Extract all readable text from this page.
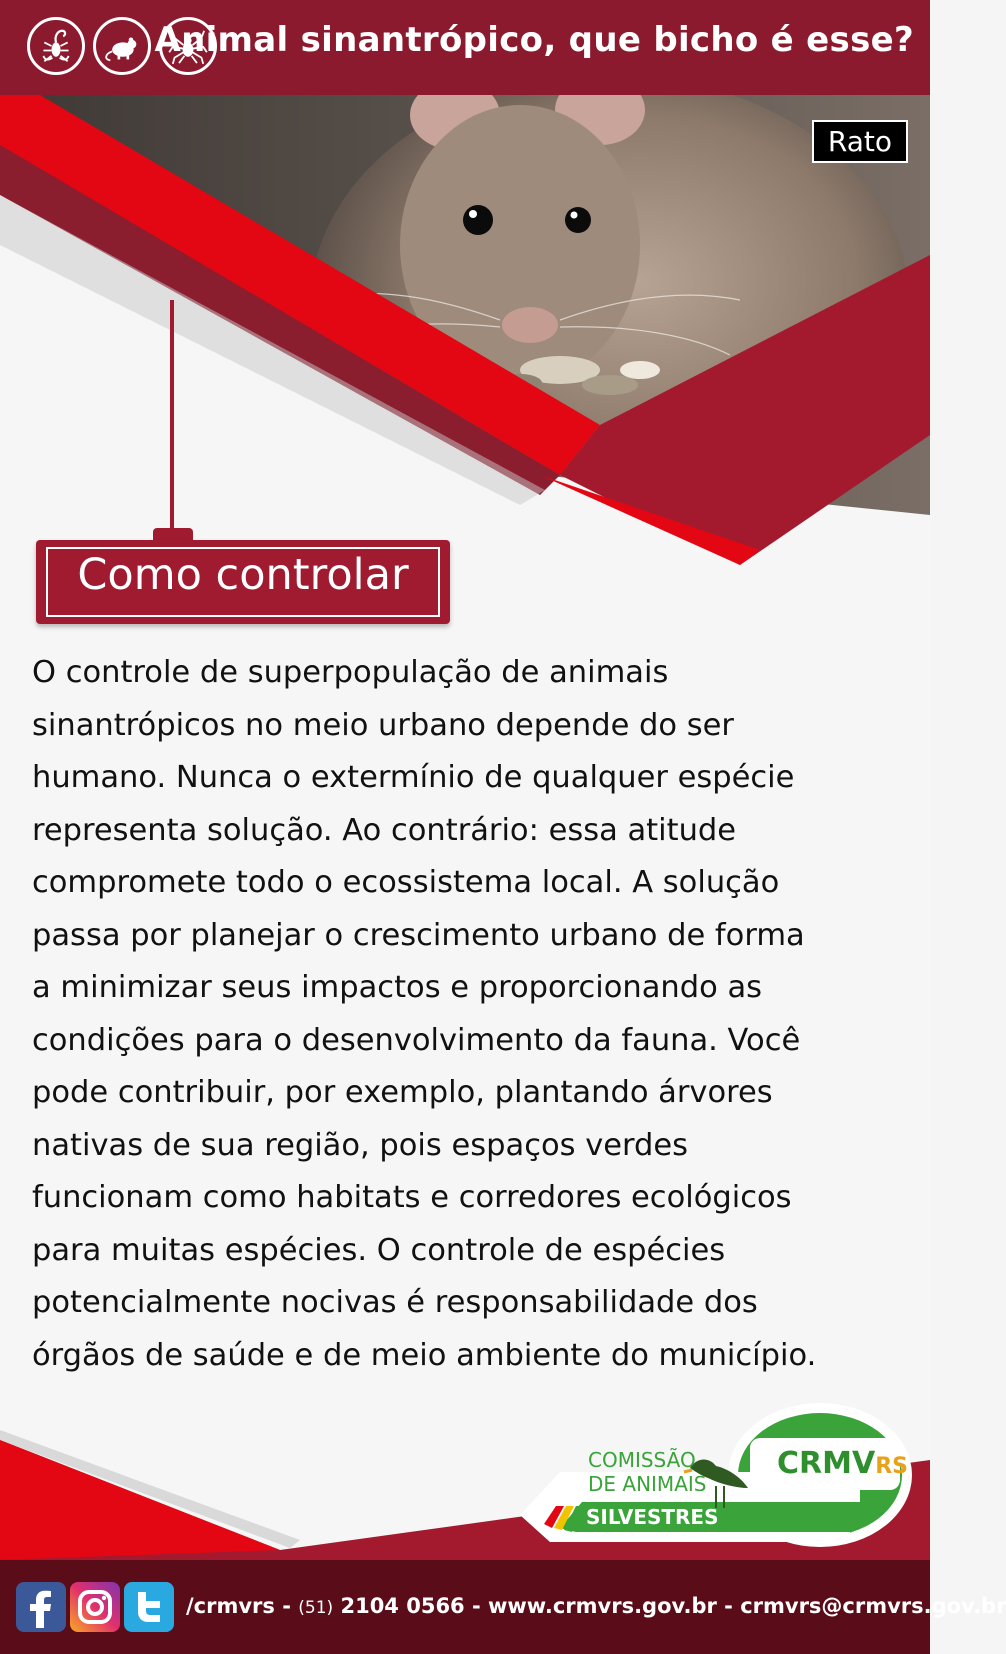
Animal sinantrópico, que bicho é esse?
Rato
Como controlar
O controle de superpopulação de animais
sinantrópicos no meio urbano depende do ser
humano. Nunca o extermínio de qualquer espécie
representa solução. Ao contrário: essa atitude
compromete todo o ecossistema local. A solução
passa por planejar o crescimento urbano de forma
a minimizar seus impactos e proporcionando as
condições para o desenvolvimento da fauna. Você
pode contribuir, por exemplo, plantando árvores
nativas de sua região, pois espaços verdes
funcionam como habitats e corredores ecológicos
para muitas espécies. O controle de espécies
potencialmente nocivas é responsabilidade dos
órgãos de saúde e de meio ambiente do município.
COMISSÃO
DE ANIMAIS
SILVESTRES
CRMVRS
/crmvrs - (51) 2104 0566 - www.crmvrs.gov.br - crmvrs@crmvrs.gov.br
